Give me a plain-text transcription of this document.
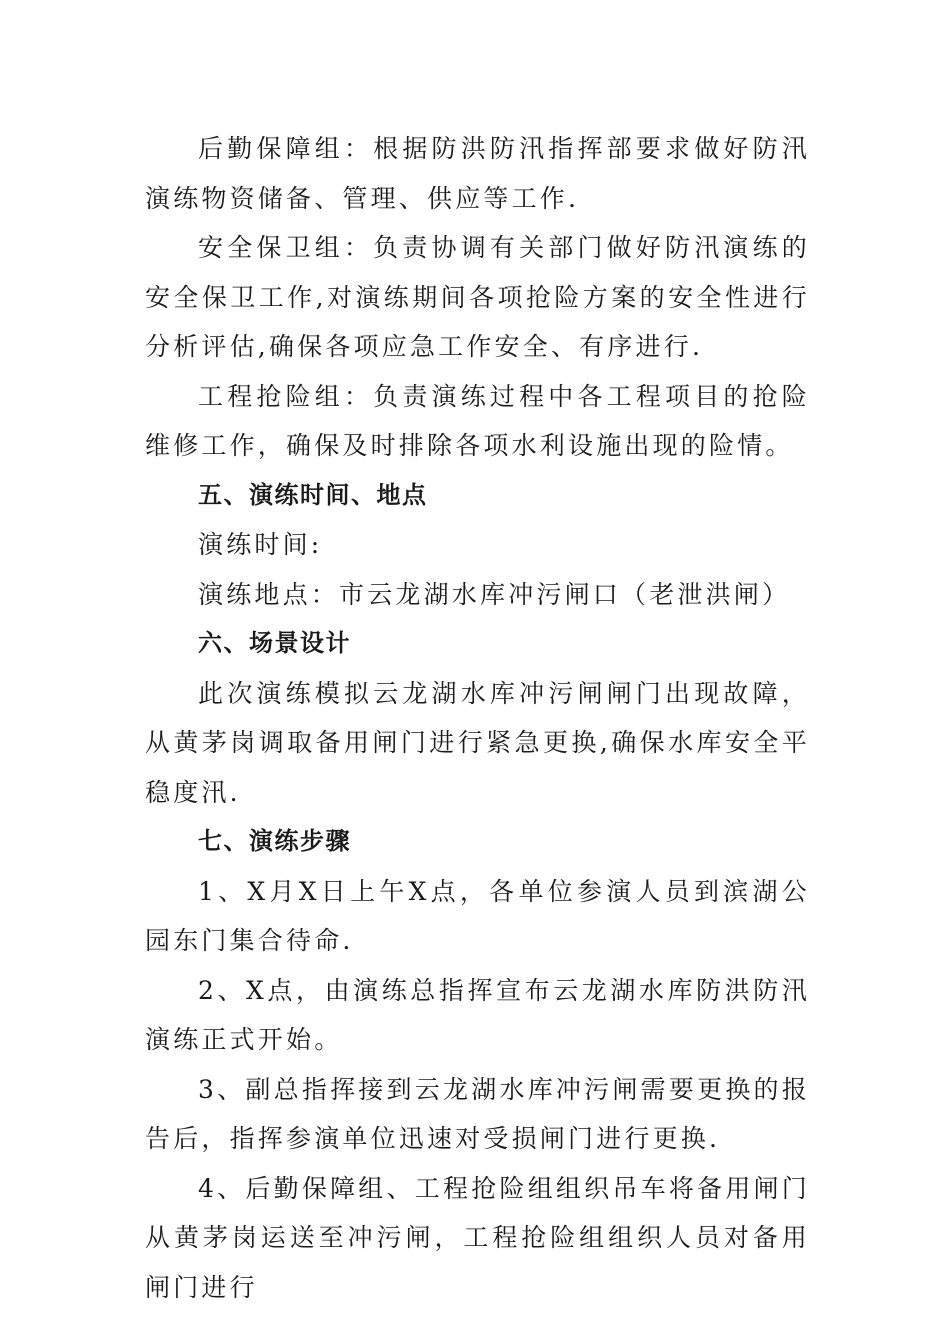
后勤保障组：根据防洪防汛指挥部要求做好防汛演练物资储备、管理、供应等工作.

安全保卫组：负责协调有关部门做好防汛演练的安全保卫工作,对演练期间各项抢险方案的安全性进行分析评估,确保各项应急工作安全、有序进行.

工程抢险组：负责演练过程中各工程项目的抢险维修工作，确保及时排除各项水利设施出现的险情。

五、演练时间、地点

演练时间:

演练地点：市云龙湖水库冲污闸口（老泄洪闸）

六、场景设计

此次演练模拟云龙湖水库冲污闸闸门出现故障，从黄茅岗调取备用闸门进行紧急更换,确保水库安全平稳度汛.

七、演练步骤

1、X月X日上午X点，各单位参演人员到滨湖公园东门集合待命.

2、X点，由演练总指挥宣布云龙湖水库防洪防汛演练正式开始。

3、副总指挥接到云龙湖水库冲污闸需要更换的报告后，指挥参演单位迅速对受损闸门进行更换.

4、后勤保障组、工程抢险组组织吊车将备用闸门从黄茅岗运送至冲污闸，工程抢险组组织人员对备用闸门进行
